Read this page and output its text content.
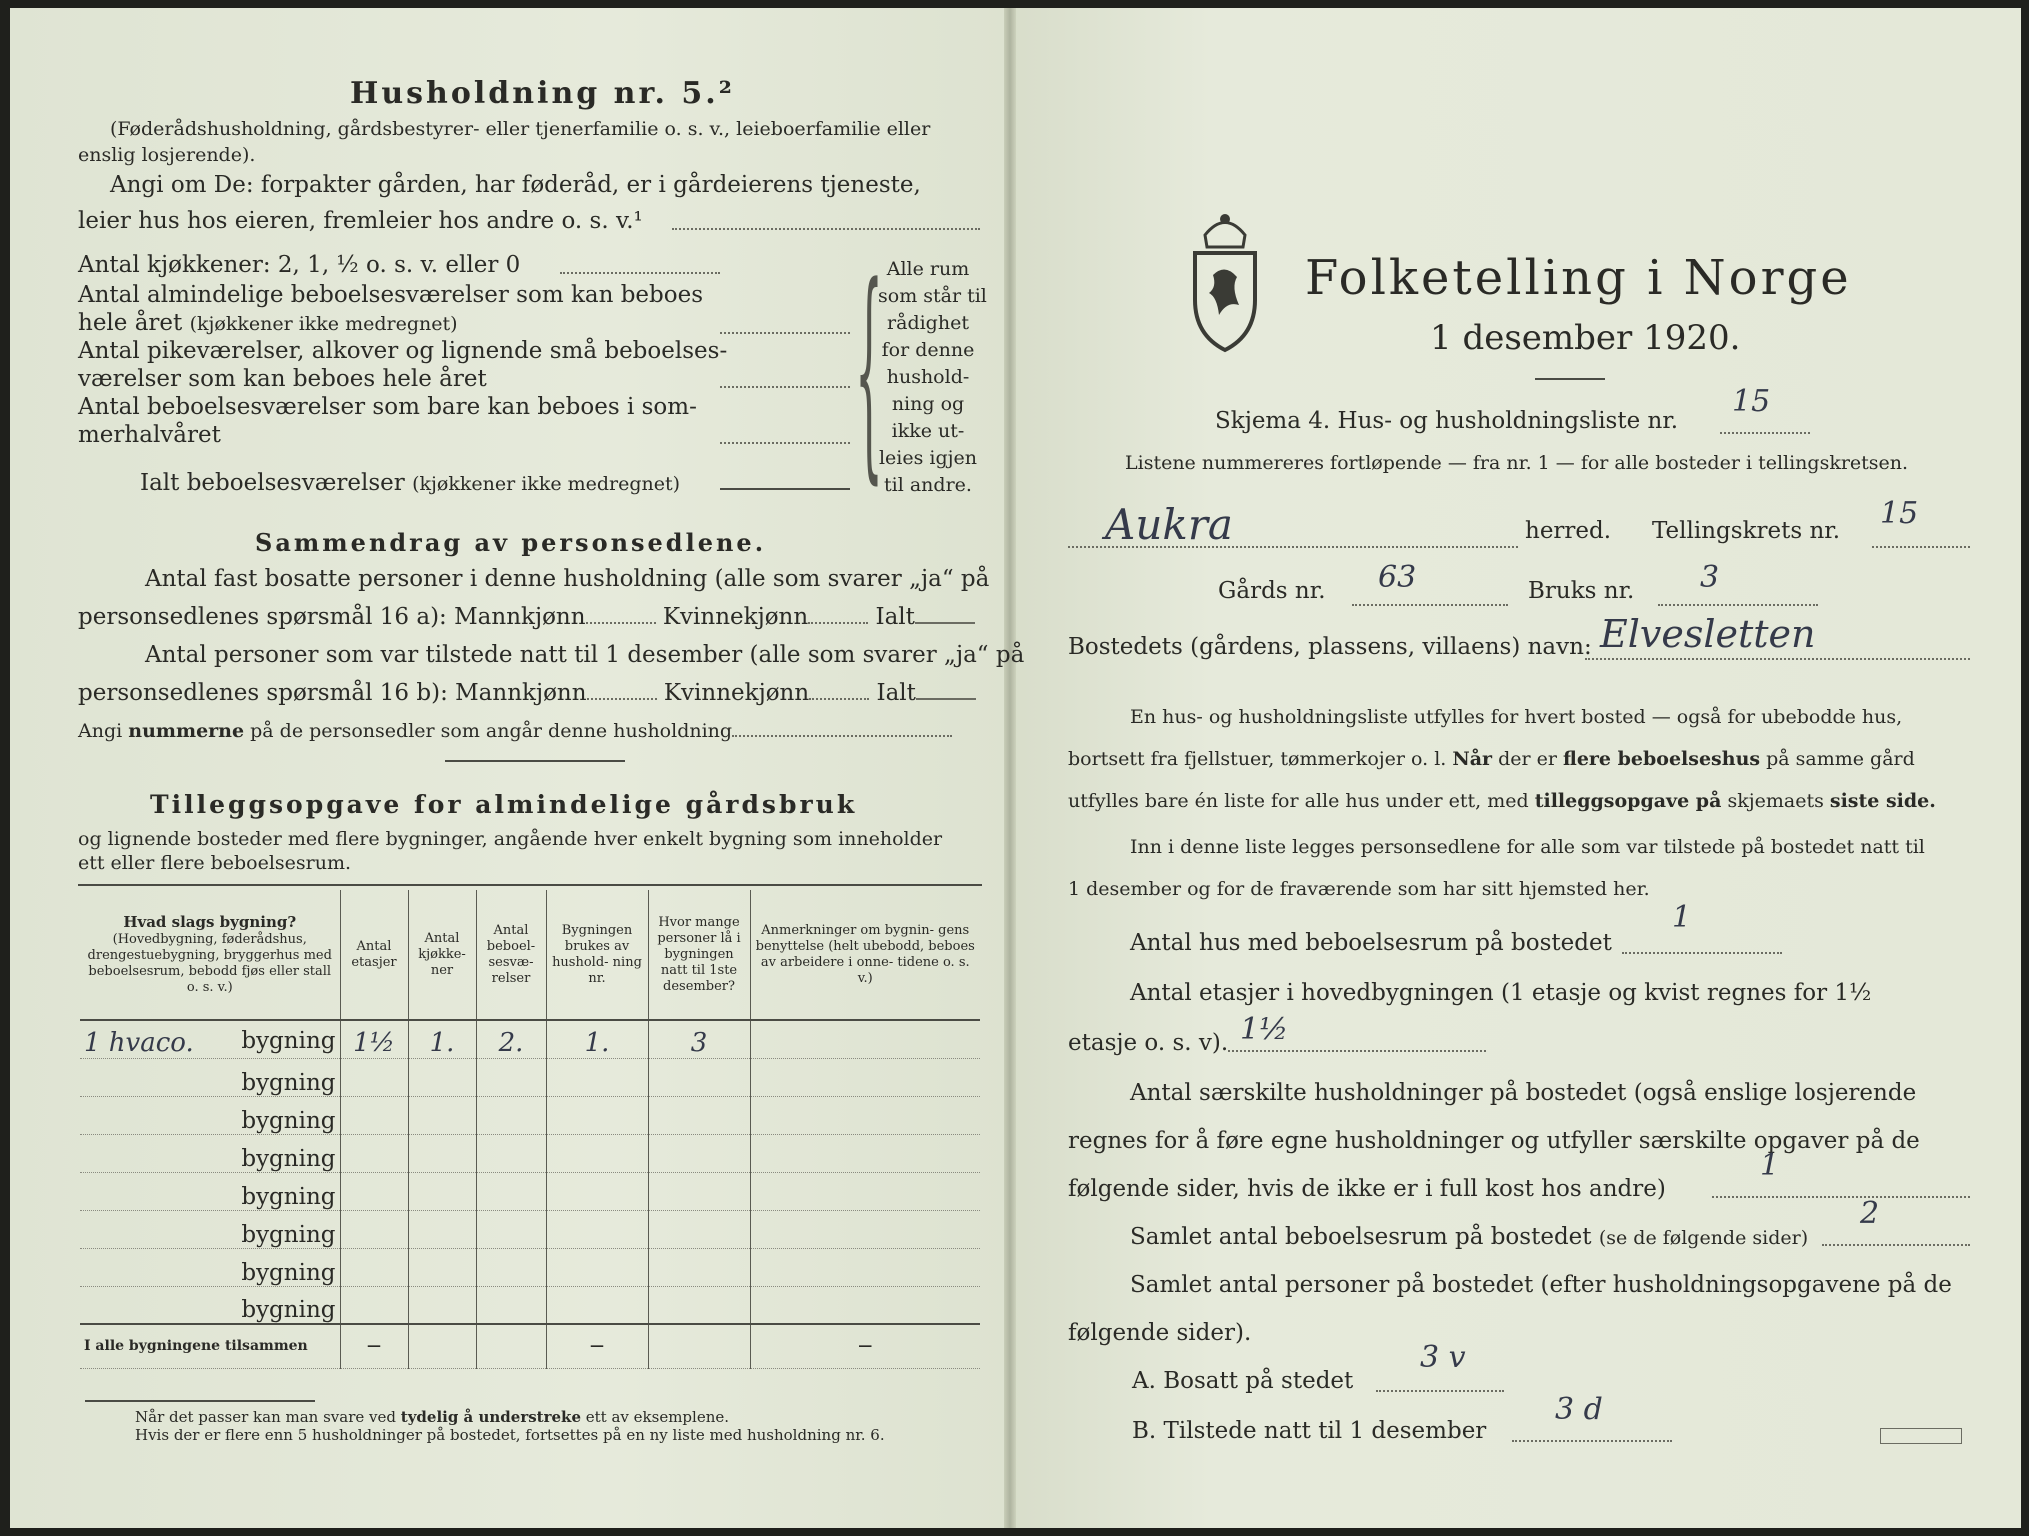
Husholdning nr. 5.²
(Føderådshusholdning, gårdsbestyrer- eller tjenerfamilie o. s. v., leieboerfamilie eller
enslig losjerende).
Angi om De: forpakter gården, har føderåd, er i gårdeierens tjeneste,
leier hus hos eieren, fremleier hos andre o. s. v.¹
Antal kjøkkener: 2, 1, ½ o. s. v. eller 0
Antal almindelige beboelsesværelser som kan beboes
hele året (kjøkkener ikke medregnet)
Antal pikeværelser, alkover og lignende små beboelses-
værelser som kan beboes hele året
Antal beboelsesværelser som bare kan beboes i som-
merhalvåret
Ialt beboelsesværelser (kjøkkener ikke medregnet)	{ Alle rum
som står til
rådighet
for denne
hushold-
ning og
ikke ut-
leies igjen
til andre.
Sammendrag av personsedlene.
Antal fast bosatte personer i denne husholdning (alle som svarer „ja“ på
personsedlenes spørsmål 16 a): Mannkjønn	Kvinnekjønn	Ialt
Antal personer som var tilstede natt til 1 desember (alle som svarer „ja“ på
personsedlenes spørsmål 16 b): Mannkjønn	Kvinnekjønn	Ialt
Angi nummerne på de personsedler som angår denne husholdning
Tilleggsopgave for almindelige gårdsbruk
og lignende bosteder med flere bygninger, angående hver enkelt bygning som inneholder
ett eller flere beboelsesrum.
Hvad slags bygning?
(Hovedbygning, føderådshus, drengestuebygning, bryggerhus med beboelsesrum, bebodd fjøs eller stall o. s. v.)	Antal etasjer	Antal kjøkke- ner	Antal beboel- sesvæ- relser	Bygningen brukes av hushold- ning nr.	Hvor mange personer lå i bygningen natt til 1ste desember?	Anmerkninger om bygnin- gens benyttelse (helt ubebodd, beboes av arbeidere i onne- tidene o. s. v.)

1 hvaco. bygning	1½	1.	2.	1.	3	

bygning						

bygning						

bygning						

bygning						

bygning						

bygning						

bygning						
I alle bygningene tilsammen	—			—		—
Når det passer kan man svare ved tydelig å understreke ett av eksemplene.
Hvis der er flere enn 5 husholdninger på bostedet, fortsettes på en ny liste med husholdning nr. 6.
Folketelling i Norge
1 desember 1920.
Skjema 4. Hus- og husholdningsliste nr.
15
Listene nummereres fortløpende — fra nr. 1 — for alle bosteder i tellingskretsen.
Aukra	herred. Tellingskrets nr. 15
Gårds nr. 63	Bruks nr. 3
Bostedets (gårdens, plassens, villaens) navn: Elvesletten
En hus- og husholdningsliste utfylles for hvert bosted — også for ubebodde hus,
bortsett fra fjellstuer, tømmerkojer o. l. Når der er flere beboelseshus på samme gård
utfylles bare én liste for alle hus under ett, med tilleggsopgave på skjemaets siste side.
Inn i denne liste legges personsedlene for alle som var tilstede på bostedet natt til
1 desember og for de fraværende som har sitt hjemsted her.
Antal hus med beboelsesrum på bostedet
1
Antal etasjer i hovedbygningen (1 etasje og kvist regnes for 1½
etasje o. s. v). 1½
Antal særskilte husholdninger på bostedet (også enslige losjerende
regnes for å føre egne husholdninger og utfyller særskilte opgaver på de
følgende sider, hvis de ikke er i full kost hos andre)
1
Samlet antal beboelsesrum på bostedet (se de følgende sider)
2
Samlet antal personer på bostedet (efter husholdningsopgavene på de
følgende sider).
A. Bosatt på stedet
3 v
B. Tilstede natt til 1 desember
3 d
